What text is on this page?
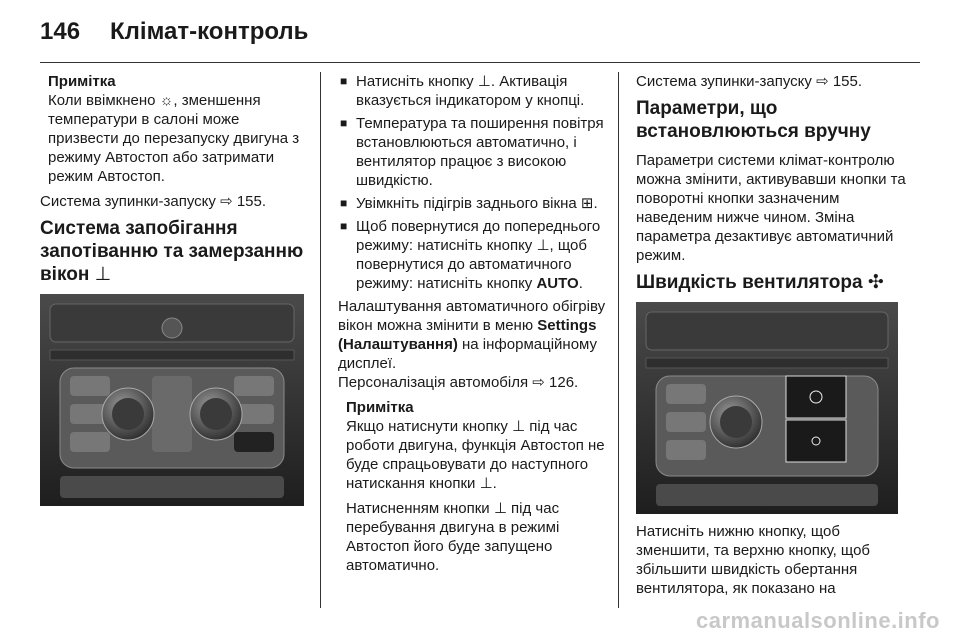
146 Клімат-контроль

Примітка

Коли ввімкнено ☼, зменшення температури в салоні може призвести до перезапуску двигуна з режиму Автостоп або затримати режим Автостоп.

Система зупинки-запуску ⇨ 155.

Система запобігання запотіванню та замерзанню вікон ⊥
■ Натисніть кнопку ⊥. Активація вказується індикатором у кнопці.
■ Температура та поширення повітря встановлюються автоматично, і вентилятор працює з високою швидкістю.
■ Увімкніть підігрів заднього вікна ⊞.
■ Щоб повернутися до попереднього режиму: натисніть кнопку ⊥, щоб повернутися до автоматичного режиму: натисніть кнопку AUTO.

Налаштування автоматичного обігріву вікон можна змінити в меню Settings (Налаштування) на інформаційному дисплеї.

Персоналізація автомобіля ⇨ 126.

Примітка

Якщо натиснути кнопку ⊥ під час роботи двигуна, функція Автостоп не буде спрацьовувати до наступного натискання кнопки ⊥.

Натисненням кнопки ⊥ під час перебування двигуна в режимі Автостоп його буде запущено автоматично.

Система зупинки-запуску ⇨ 155.

Параметри, що встановлюються вручну

Параметри системи клімат-контролю можна змінити, активувавши кнопки та поворотні кнопки зазначеним наведеним нижче чином. Зміна параметра дезактивує автоматичний режим.

Швидкість вентилятора ✣

Натисніть нижню кнопку, щоб зменшити, та верхню кнопку, щоб збільшити швидкість обертання вентилятора, як показано на

carmanualsonline.info
